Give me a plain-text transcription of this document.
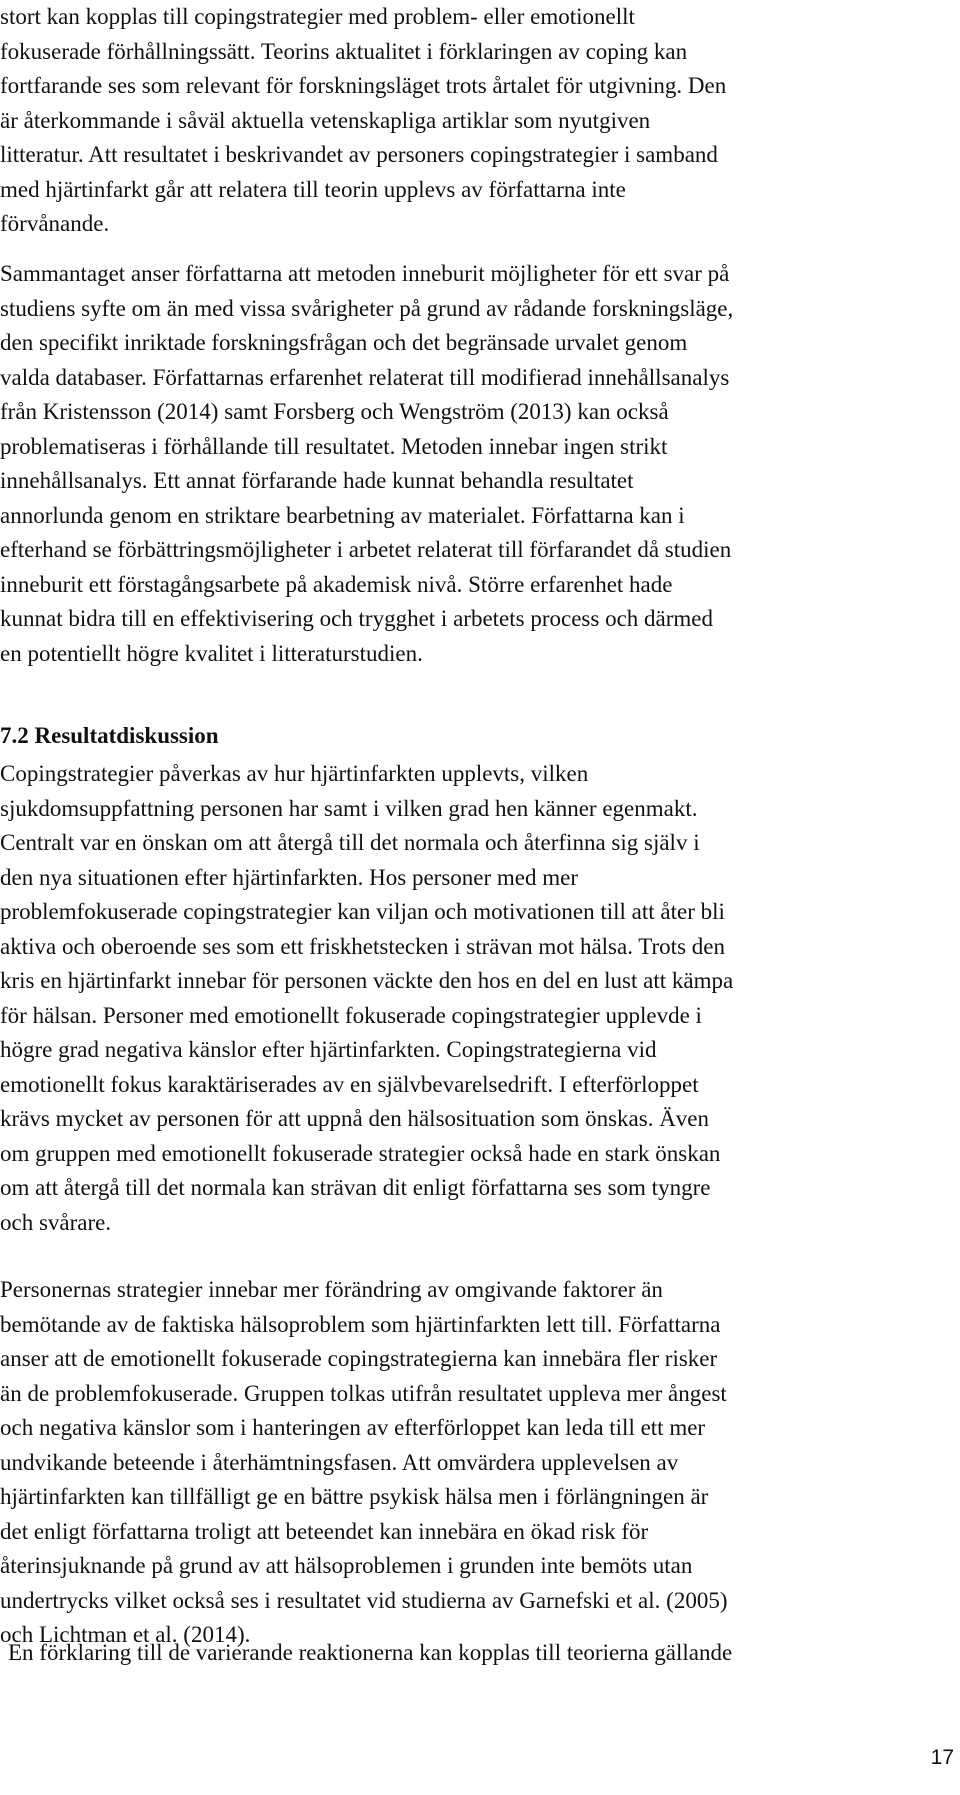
stort kan kopplas till copingstrategier med problem- eller emotionellt
fokuserade förhållningssätt. Teorins aktualitet i förklaringen av coping kan
fortfarande ses som relevant för forskningsläget trots årtalet för utgivning. Den
är återkommande i såväl aktuella vetenskapliga artiklar som nyutgiven
litteratur. Att resultatet i beskrivandet av personers copingstrategier i samband
med hjärtinfarkt går att relatera till teorin upplevs av författarna inte
förvånande.

Sammantaget anser författarna att metoden inneburit möjligheter för ett svar på
studiens syfte om än med vissa svårigheter på grund av rådande forskningsläge,
den specifikt inriktade forskningsfrågan och det begränsade urvalet genom
valda databaser. Författarnas erfarenhet relaterat till modifierad innehållsanalys
från Kristensson (2014) samt Forsberg och Wengström (2013) kan också
problematiseras i förhållande till resultatet. Metoden innebar ingen strikt
innehållsanalys. Ett annat förfarande hade kunnat behandla resultatet
annorlunda genom en striktare bearbetning av materialet. Författarna kan i
efterhand se förbättringsmöjligheter i arbetet relaterat till förfarandet då studien
inneburit ett förstagångsarbete på akademisk nivå. Större erfarenhet hade
kunnat bidra till en effektivisering och trygghet i arbetets process och därmed
en potentiellt högre kvalitet i litteraturstudien.

7.2 Resultatdiskussion

Copingstrategier påverkas av hur hjärtinfarkten upplevts, vilken
sjukdomsuppfattning personen har samt i vilken grad hen känner egenmakt.
Centralt var en önskan om att återgå till det normala och återfinna sig själv i
den nya situationen efter hjärtinfarkten. Hos personer med mer
problemfokuserade copingstrategier kan viljan och motivationen till att åter bli
aktiva och oberoende ses som ett friskhetstecken i strävan mot hälsa. Trots den
kris en hjärtinfarkt innebar för personen väckte den hos en del en lust att kämpa
för hälsan. Personer med emotionellt fokuserade copingstrategier upplevde i
högre grad negativa känslor efter hjärtinfarkten. Copingstrategierna vid
emotionellt fokus karaktäriserades av en självbevarelsedrift. I efterförloppet
krävs mycket av personen för att uppnå den hälsosituation som önskas. Även
om gruppen med emotionellt fokuserade strategier också hade en stark önskan
om att återgå till det normala kan strävan dit enligt författarna ses som tyngre
och svårare.

Personernas strategier innebar mer förändring av omgivande faktorer än
bemötande av de faktiska hälsoproblem som hjärtinfarkten lett till. Författarna
anser att de emotionellt fokuserade copingstrategierna kan innebära fler risker
än de problemfokuserade. Gruppen tolkas utifrån resultatet uppleva mer ångest
och negativa känslor som i hanteringen av efterförloppet kan leda till ett mer
undvikande beteende i återhämtningsfasen. Att omvärdera upplevelsen av
hjärtinfarkten kan tillfälligt ge en bättre psykisk hälsa men i förlängningen är
det enligt författarna troligt att beteendet kan innebära en ökad risk för
återinsjuknande på grund av att hälsoproblemen i grunden inte bemöts utan
undertrycks vilket också ses i resultatet vid studierna av Garnefski et al. (2005)
och Lichtman et al. (2014).

En förklaring till de varierande reaktionerna kan kopplas till teorierna gällande

17
